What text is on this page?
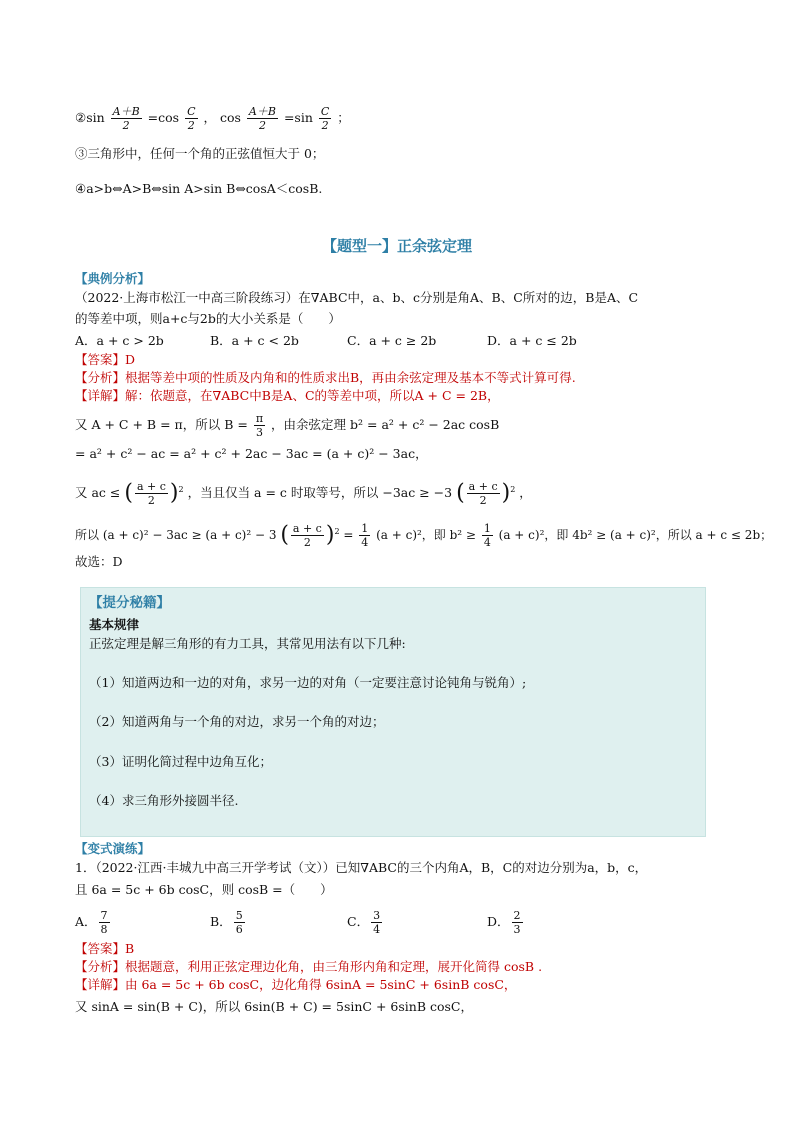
②sin $\frac{A+B}{2} =\cos \frac{C}{2}$ ， $\cos \frac{A+B}{2} =\sin \frac{C}{2}$ ；
③三角形中，任何一个角的正弦值恒大于 0；
④a>b⇔A>B⇔sin A>sin B⇔cosA＜cosB.
【题型一】正余弦定理
【典例分析】
（2022·上海市松江一中高三阶段练习）在∇ABC中，a、b、c分别是角A、B、C所对的边，B是A、C
的等差中项，则a+c与2b的大小关系是（　　）
A．a + c > 2b	B．a + c < 2b	C．a + c ≥ 2b	D．a + c ≤ 2b
【答案】D
【分析】根据等差中项的性质及内角和的性质求出B，再由余弦定理及基本不等式计算可得.
【详解】解：依题意，在∇ABC中B是A、C的等差中项，所以A + C = 2B，
又 A + C + B = π，所以 $B = \frac{\pi}{3}$ ，由余弦定理 b² = a² + c² − 2ac cosB
= a² + c² − ac = a² + c² + 2ac − 3ac = (a + c)² − 3ac，
又 ac ≤ ( $\frac{a + c}{2} )^2$ ，当且仅当 a = c 时取等号，所以 −3ac ≥ −3 ( $\frac{a + c}{2} )^2$ ，
所以 (a + c)² − 3ac ≥ (a + c)² − 3 ( $\frac{a + c}{2} )^2 = \frac{1}{4} (a + c)^2$，即 $b^2 \ge \frac{1}{4} (a + c)^2$，即 4b² ≥ (a + c)²，所以 a + c ≤ 2b；
故选：D
【提分秘籍】
基本规律
正弦定理是解三角形的有力工具，其常见用法有以下几种:
（1）知道两边和一边的对角，求另一边的对角（一定要注意讨论钝角与锐角）;
（2）知道两角与一个角的对边，求另一个角的对边；
（3）证明化简过程中边角互化；
（4）求三角形外接圆半径.
【变式演练】
1．（2022·江西·丰城九中高三开学考试（文））已知∇ABC的三个内角A，B，C的对边分别为a，b，c，
且 6a = 5c + 6b cosC，则 cosB =（　　）
A． $\frac{7}{8}$	B． $\frac{5}{6}$	C． $\frac{3}{4}$	D． $\frac{2}{3}$
【答案】B
【分析】根据题意，利用正弦定理边化角，由三角形内角和定理，展开化简得 cosB .
【详解】由 6a = 5c + 6b cosC，边化角得 6sinA = 5sinC + 6sinB cosC，
又 sinA = sin(B + C)，所以 6sin(B + C) = 5sinC + 6sinB cosC，
